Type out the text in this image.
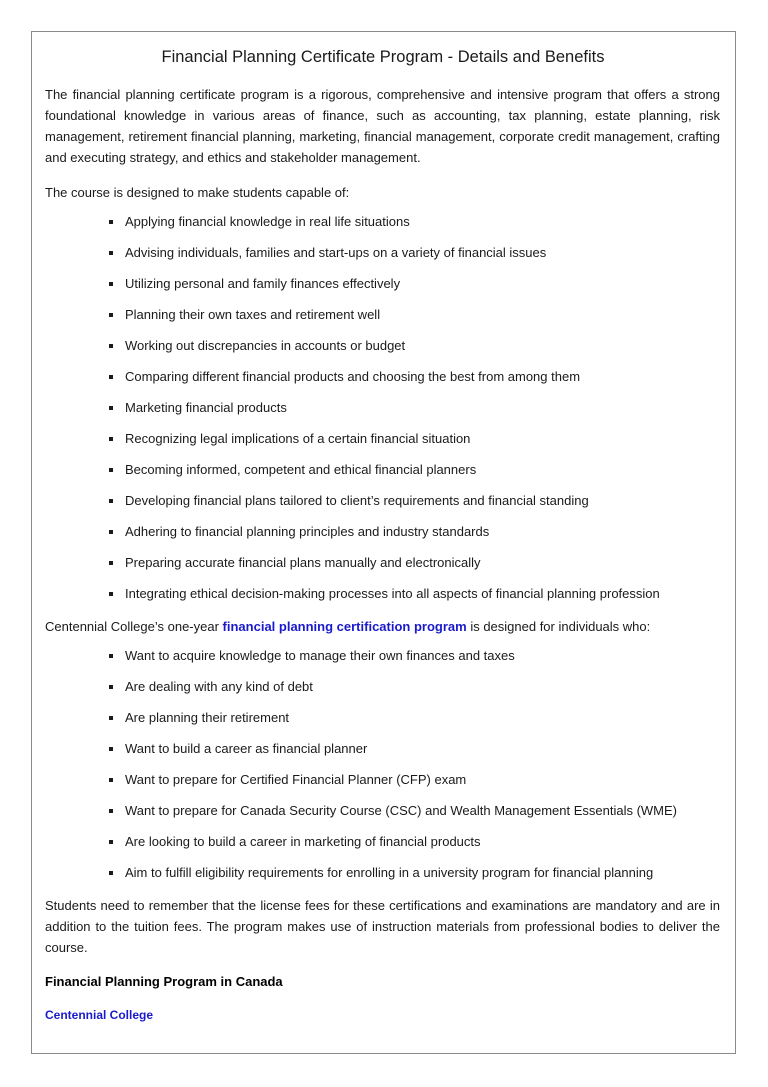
Financial Planning Certificate Program - Details and Benefits

The financial planning certificate program is a rigorous, comprehensive and intensive program that offers a strong foundational knowledge in various areas of finance, such as accounting, tax planning, estate planning, risk management, retirement financial planning, marketing, financial management, corporate credit management, crafting and executing strategy, and ethics and stakeholder management.

The course is designed to make students capable of:

Applying financial knowledge in real life situations
Advising individuals, families and start-ups on a variety of financial issues
Utilizing personal and family finances effectively
Planning their own taxes and retirement well
Working out discrepancies in accounts or budget
Comparing different financial products and choosing the best from among them
Marketing financial products
Recognizing legal implications of a certain financial situation
Becoming informed, competent and ethical financial planners
Developing financial plans tailored to client’s requirements and financial standing
Adhering to financial planning principles and industry standards
Preparing accurate financial plans manually and electronically
Integrating ethical decision-making processes into all aspects of financial planning profession

Centennial College’s one-year financial planning certification program is designed for individuals who:

Want to acquire knowledge to manage their own finances and taxes
Are dealing with any kind of debt
Are planning their retirement
Want to build a career as financial planner
Want to prepare for Certified Financial Planner (CFP) exam
Want to prepare for Canada Security Course (CSC) and Wealth Management Essentials (WME)
Are looking to build a career in marketing of financial products
Aim to fulfill eligibility requirements for enrolling in a university program for financial planning

Students need to remember that the license fees for these certifications and examinations are mandatory and are in addition to the tuition fees. The program makes use of instruction materials from professional bodies to deliver the course.

Financial Planning Program in Canada

Centennial College
